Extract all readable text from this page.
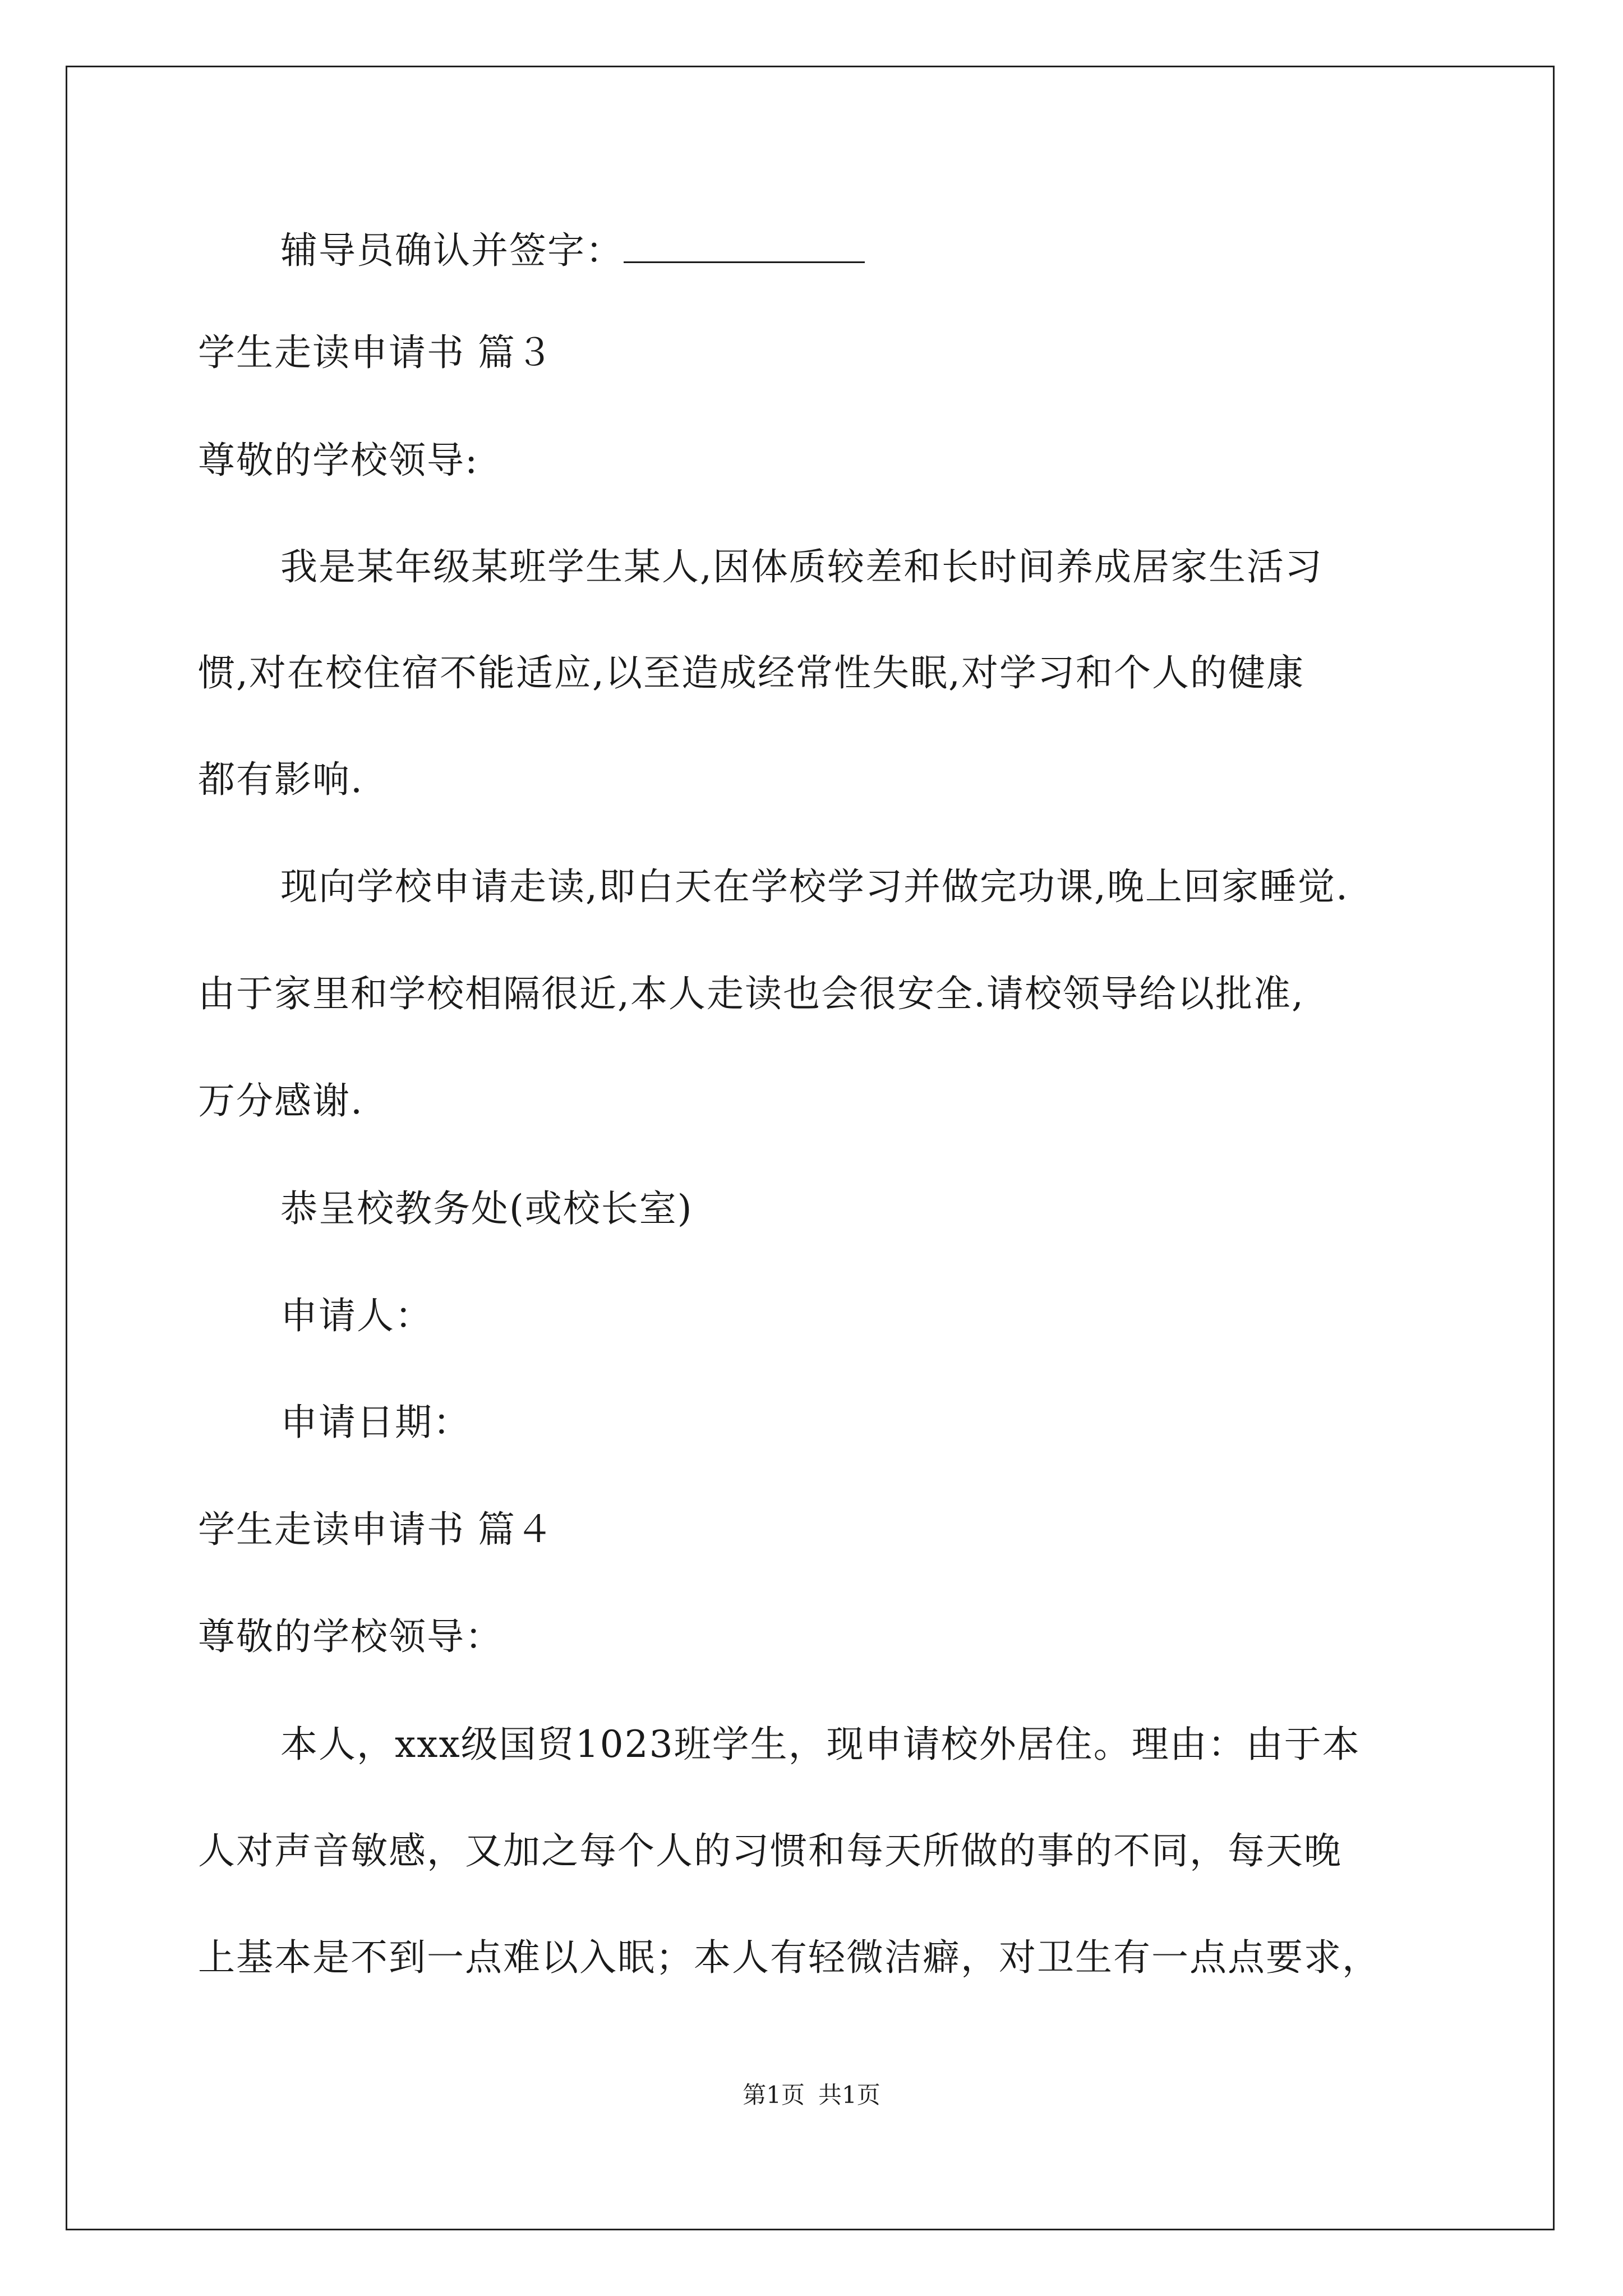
辅导员确认并签字：
学生走读申请书 篇３
尊敬的学校领导:
我是某年级某班学生某人,因体质较差和长时间养成居家生活习
惯,对在校住宿不能适应,以至造成经常性失眠,对学习和个人的健康
都有影响.
现向学校申请走读,即白天在学校学习并做完功课,晚上回家睡觉.
由于家里和学校相隔很近,本人走读也会很安全.请校领导给以批准,
万分感谢.
恭呈校教务处(或校长室)
申请人：
申请日期：
学生走读申请书 篇４
尊敬的学校领导：
本人，xxx级国贸1023班学生，现申请校外居住。理由：由于本
人对声音敏感，又加之每个人的习惯和每天所做的事的不同，每天晚
上基本是不到一点难以入眠；本人有轻微洁癖，对卫生有一点点要求，
第1页 共1页
